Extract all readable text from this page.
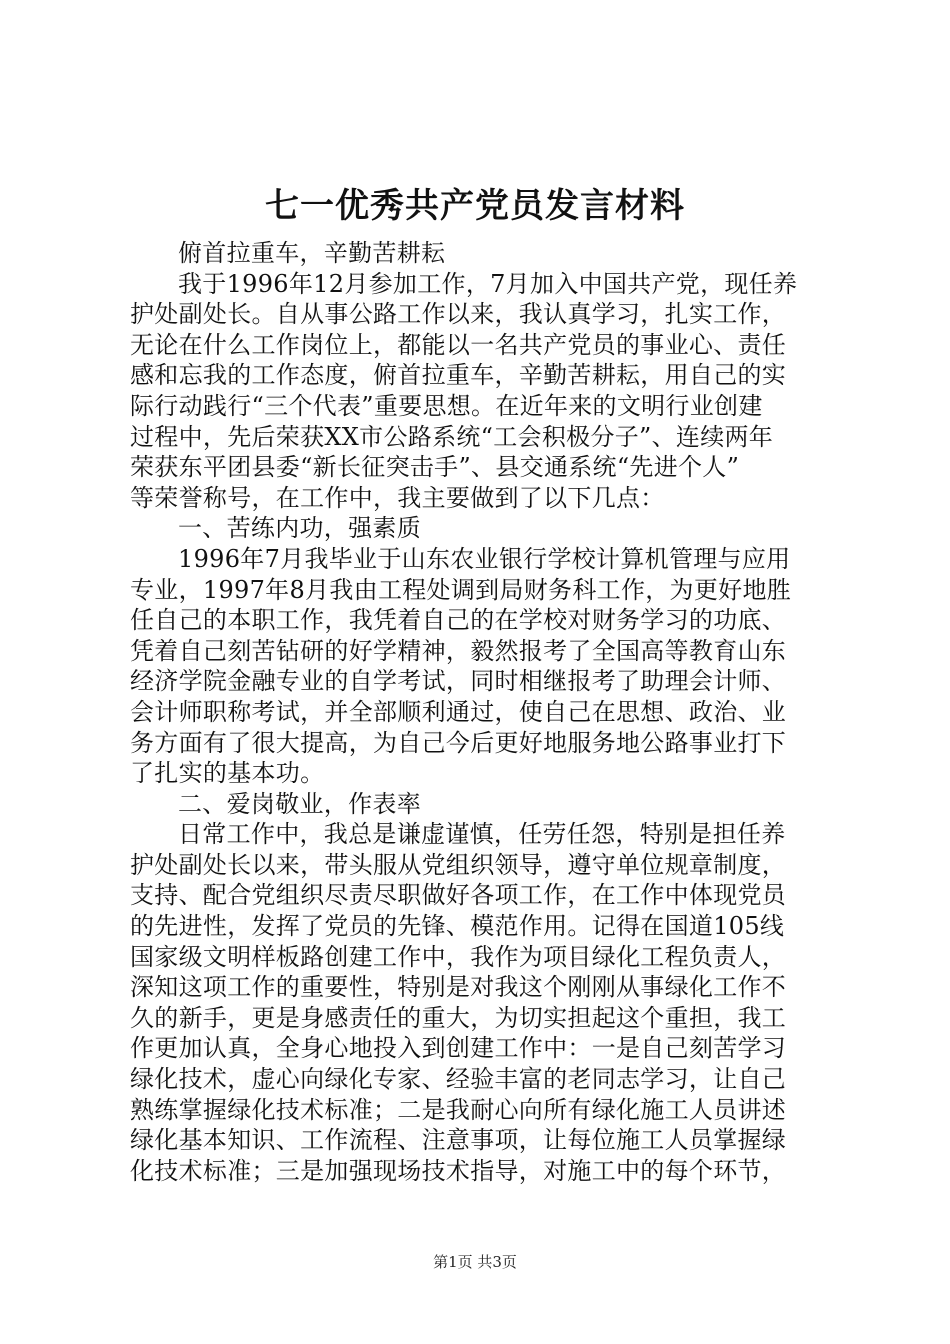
七一优秀共产党员发言材料
俯首拉重车，辛勤苦耕耘
我于1996年12月参加工作，7月加入中国共产党，现任养
护处副处长。自从事公路工作以来，我认真学习，扎实工作，
无论在什么工作岗位上，都能以一名共产党员的事业心、责任
感和忘我的工作态度，俯首拉重车，辛勤苦耕耘，用自己的实
际行动践行“三个代表”重要思想。在近年来的文明行业创建
过程中，先后荣获XX市公路系统“工会积极分子”、连续两年
荣获东平团县委“新长征突击手”、县交通系统“先进个人”
等荣誉称号，在工作中，我主要做到了以下几点：
一、苦练内功，强素质
1996年7月我毕业于山东农业银行学校计算机管理与应用
专业，1997年8月我由工程处调到局财务科工作，为更好地胜
任自己的本职工作，我凭着自己的在学校对财务学习的功底、
凭着自己刻苦钻研的好学精神，毅然报考了全国高等教育山东
经济学院金融专业的自学考试，同时相继报考了助理会计师、
会计师职称考试，并全部顺利通过，使自己在思想、政治、业
务方面有了很大提高，为自己今后更好地服务地公路事业打下
了扎实的基本功。
二、爱岗敬业，作表率
日常工作中，我总是谦虚谨慎，任劳任怨，特别是担任养
护处副处长以来，带头服从党组织领导，遵守单位规章制度，
支持、配合党组织尽责尽职做好各项工作，在工作中体现党员
的先进性，发挥了党员的先锋、模范作用。记得在国道105线
国家级文明样板路创建工作中，我作为项目绿化工程负责人，
深知这项工作的重要性，特别是对我这个刚刚从事绿化工作不
久的新手，更是身感责任的重大，为切实担起这个重担，我工
作更加认真，全身心地投入到创建工作中：一是自己刻苦学习
绿化技术，虚心向绿化专家、经验丰富的老同志学习，让自己
熟练掌握绿化技术标准；二是我耐心向所有绿化施工人员讲述
绿化基本知识、工作流程、注意事项，让每位施工人员掌握绿
化技术标准；三是加强现场技术指导，对施工中的每个环节，
第1页 共3页
